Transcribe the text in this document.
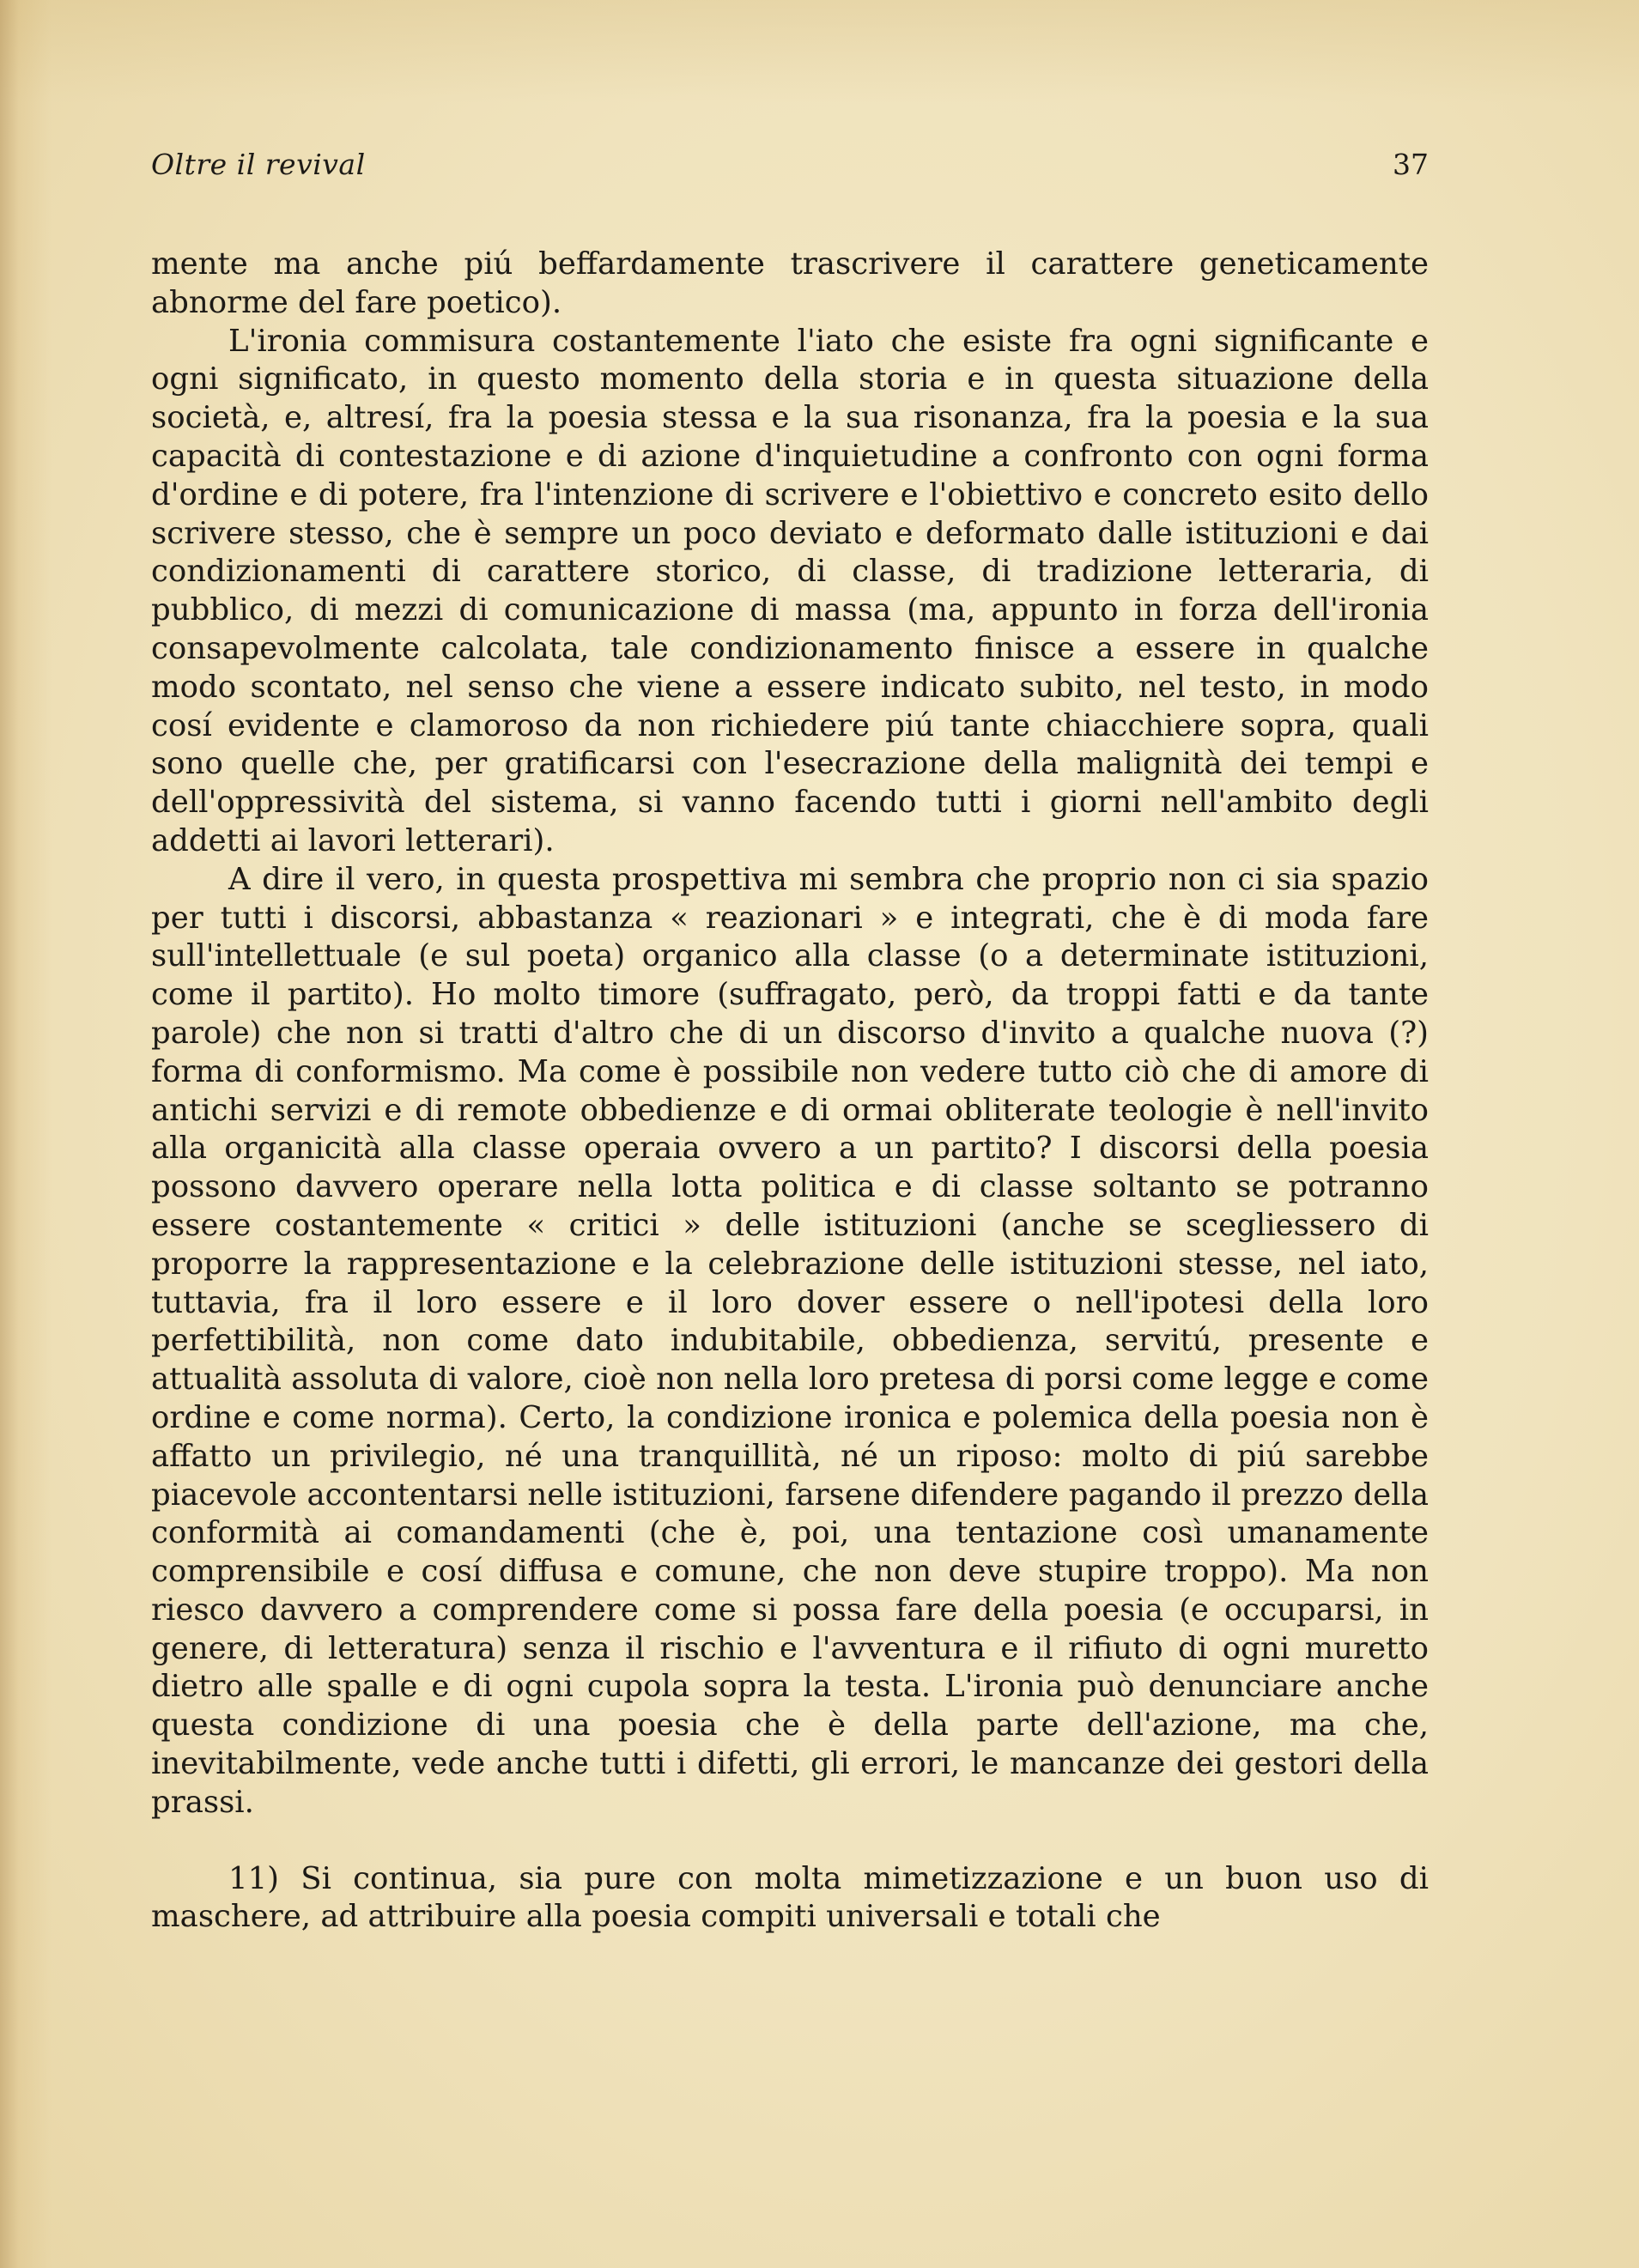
Oltre il revival	37

mente ma anche piú beffardamente trascrivere il carattere geneticamente abnorme del fare poetico).

L'ironia commisura costantemente l'iato che esiste fra ogni significante e ogni significato, in questo momento della storia e in questa situazione della società, e, altresí, fra la poesia stessa e la sua risonanza, fra la poesia e la sua capacità di contestazione e di azione d'inquietudine a confronto con ogni forma d'ordine e di potere, fra l'intenzione di scrivere e l'obiettivo e concreto esito dello scrivere stesso, che è sempre un poco deviato e deformato dalle istituzioni e dai condizionamenti di carattere storico, di classe, di tradizione letteraria, di pubblico, di mezzi di comunicazione di massa (ma, appunto in forza dell'ironia consapevolmente calcolata, tale condizionamento finisce a essere in qualche modo scontato, nel senso che viene a essere indicato subito, nel testo, in modo cosí evidente e clamoroso da non richiedere piú tante chiacchiere sopra, quali sono quelle che, per gratificarsi con l'esecrazione della malignità dei tempi e dell'oppressività del sistema, si vanno facendo tutti i giorni nell'ambito degli addetti ai lavori letterari).

A dire il vero, in questa prospettiva mi sembra che proprio non ci sia spazio per tutti i discorsi, abbastanza « reazionari » e integrati, che è di moda fare sull'intellettuale (e sul poeta) organico alla classe (o a determinate istituzioni, come il partito). Ho molto timore (suffragato, però, da troppi fatti e da tante parole) che non si tratti d'altro che di un discorso d'invito a qualche nuova (?) forma di conformismo. Ma come è possibile non vedere tutto ciò che di amore di antichi servizi e di remote obbedienze e di ormai obliterate teologie è nell'invito alla organicità alla classe operaia ovvero a un partito? I discorsi della poesia possono davvero operare nella lotta politica e di classe soltanto se potranno essere costantemente « critici » delle istituzioni (anche se scegliessero di proporre la rappresentazione e la celebrazione delle istituzioni stesse, nel iato, tuttavia, fra il loro essere e il loro dover essere o nell'ipotesi della loro perfettibilità, non come dato indubitabile, obbedienza, servitú, presente e attualità assoluta di valore, cioè non nella loro pretesa di porsi come legge e come ordine e come norma). Certo, la condizione ironica e polemica della poesia non è affatto un privilegio, né una tranquillità, né un riposo: molto di piú sarebbe piacevole accontentarsi nelle istituzioni, farsene difendere pagando il prezzo della conformità ai comandamenti (che è, poi, una tentazione così umanamente comprensibile e cosí diffusa e comune, che non deve stupire troppo). Ma non riesco davvero a comprendere come si possa fare della poesia (e occuparsi, in genere, di letteratura) senza il rischio e l'avventura e il rifiuto di ogni muretto dietro alle spalle e di ogni cupola sopra la testa. L'ironia può denunciare anche questa condizione di una poesia che è della parte dell'azione, ma che, inevitabilmente, vede anche tutti i difetti, gli errori, le mancanze dei gestori della prassi.

11) Si continua, sia pure con molta mimetizzazione e un buon uso di maschere, ad attribuire alla poesia compiti universali e totali che
